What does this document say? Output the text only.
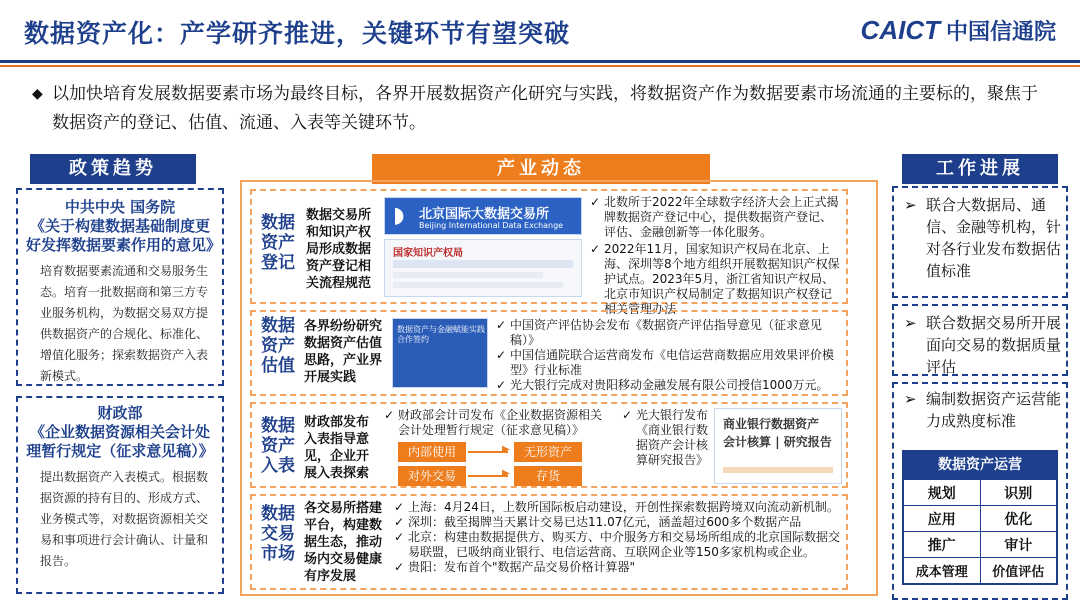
数据资产化：产学研齐推进，关键环节有望突破	CAICT 中国信通院
◆ 以加快培育发展数据要素市场为最终目标，各界开展数据资产化研究与实践，将数据资产作为数据要素市场流通的主要标的，聚焦于数据资产的登记、估值、流通、入表等关键环节。
政策趋势
中共中央 国务院
《关于构建数据基础制度更好发挥数据要素作用的意见》
培育数据要素流通和交易服务生态。培育一批数据商和第三方专业服务机构，为数据交易双方提供数据资产的合规化、标准化、增值化服务；探索数据资产入表新模式。
财政部
《企业数据资源相关会计处理暂行规定（征求意见稿）》
提出数据资产入表模式。根据数据资源的持有目的、形成方式、业务模式等，对数据资源相关交易和事项进行会计确认、计量和报告。
产业动态
数据资产登记
数据交易所和知识产权局形成数据资产登记相关流程规范
◗ 北京国际大数据交易所
Beijing International Data Exchange
国家知识产权局

✓ 北数所于2022年全球数字经济大会上正式揭牌数据资产登记中心，提供数据资产登记、评估、金融创新等一体化服务。

✓ 2022年11月，国家知识产权局在北京、上海、深圳等8个地方组织开展数据知识产权保护试点。2023年5月，浙江省知识产权局、北京市知识产权局制定了数据知识产权登记相关管理办法

数据资产估值
各界纷纷研究数据资产估值思路，产业界开展实践
数据资产与金融赋能实践合作签约

✓ 中国资产评估协会发布《数据资产评估指导意见（征求意见稿）》

✓ 中国信通院联合运营商发布《电信运营商数据应用效果评价模型》行业标准

✓ 光大银行完成对贵阳移动金融发展有限公司授信1000万元。

数据资产入表
财政部发布入表指导意见，企业开展入表探索

✓ 财政部会计司发布《企业数据资源相关会计处理暂行规定（征求意见稿）》

内部使用	▶	无形资产
对外交易	▶	存货

✓ 光大银行发布《商业银行数据资产会计核算研究报告》

商业银行数据资产
会计核算 | 研究报告
数据交易市场
各交易所搭建平台，构建数据生态，推动场内交易健康有序发展

✓ 上海：4月24日，上数所国际板启动建设，开创性探索数据跨境双向流动新机制。

✓ 深圳：截至揭牌当天累计交易已达11.07亿元，涵盖超过600多个数据产品

✓ 北京：构建由数据提供方、购买方、中介服务方和交易场所组成的北京国际数据交易联盟，已吸纳商业银行、电信运营商、互联网企业等150多家机构或企业。

✓ 贵阳：发布首个"数据产品交易价格计算器"

工作进展
➢ 联合大数据局、通信、金融等机构，针对各行业发布数据估值标准
➢ 联合数据交易所开展面向交易的数据质量评估
➢ 编制数据资产运营能力成熟度标准
数据资产运营
规划	识别
应用	优化
推广	审计
成本管理	价值评估
